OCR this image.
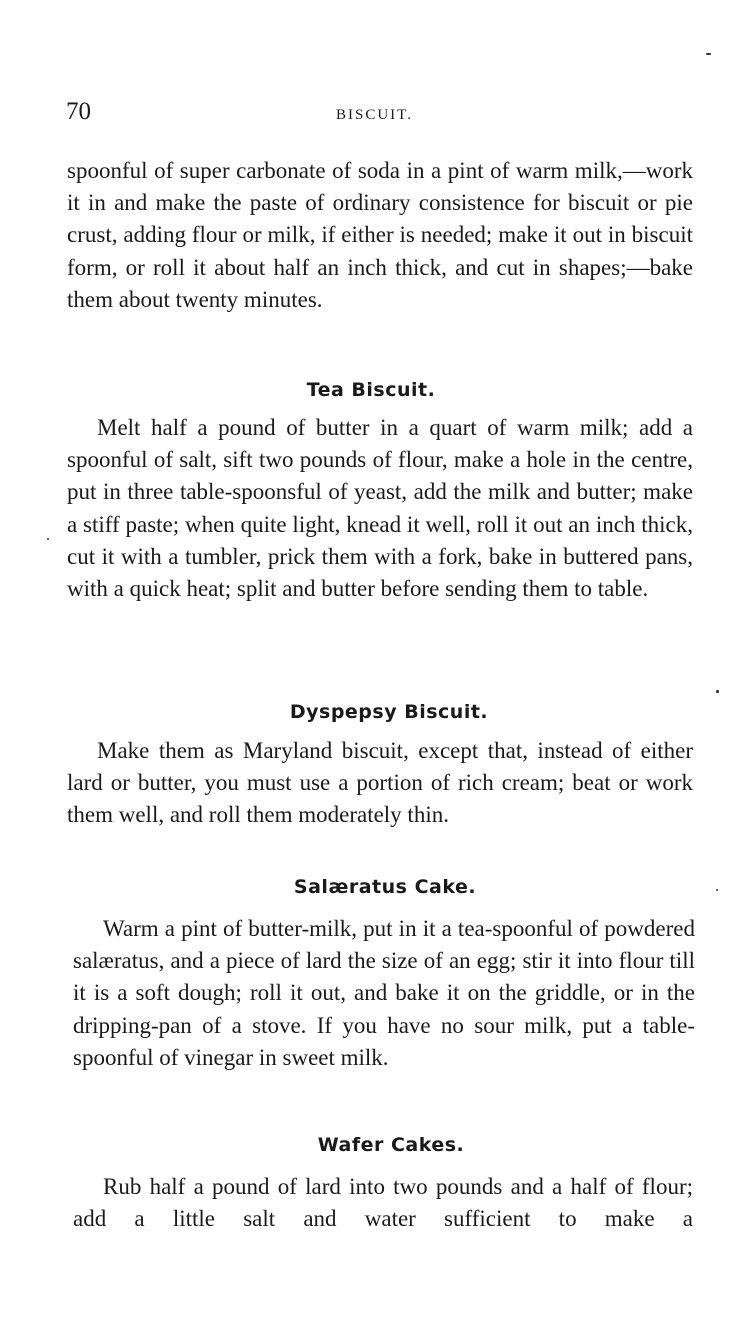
70	BISCUIT.

spoonful of super carbonate of soda in a pint of warm milk,—work it in and make the paste of ordinary consistence for biscuit or pie crust, adding flour or milk, if either is needed; make it out in biscuit form, or roll it about half an inch thick, and cut in shapes;—bake them about twenty minutes.

Tea Biscuit.

Melt half a pound of butter in a quart of warm milk; add a spoonful of salt, sift two pounds of flour, make a hole in the centre, put in three table-spoonsful of yeast, add the milk and butter; make a stiff paste; when quite light, knead it well, roll it out an inch thick, cut it with a tumbler, prick them with a fork, bake in buttered pans, with a quick heat; split and butter before sending them to table.

Dyspepsy Biscuit.

Make them as Maryland biscuit, except that, instead of either lard or butter, you must use a portion of rich cream; beat or work them well, and roll them moderately thin.

Salæratus Cake.

Warm a pint of butter-milk, put in it a tea-spoonful of powdered salæratus, and a piece of lard the size of an egg; stir it into flour till it is a soft dough; roll it out, and bake it on the griddle, or in the dripping-pan of a stove. If you have no sour milk, put a table-spoonful of vinegar in sweet milk.

Wafer Cakes.

Rub half a pound of lard into two pounds and a half of flour; add a little salt and water sufficient to make a
